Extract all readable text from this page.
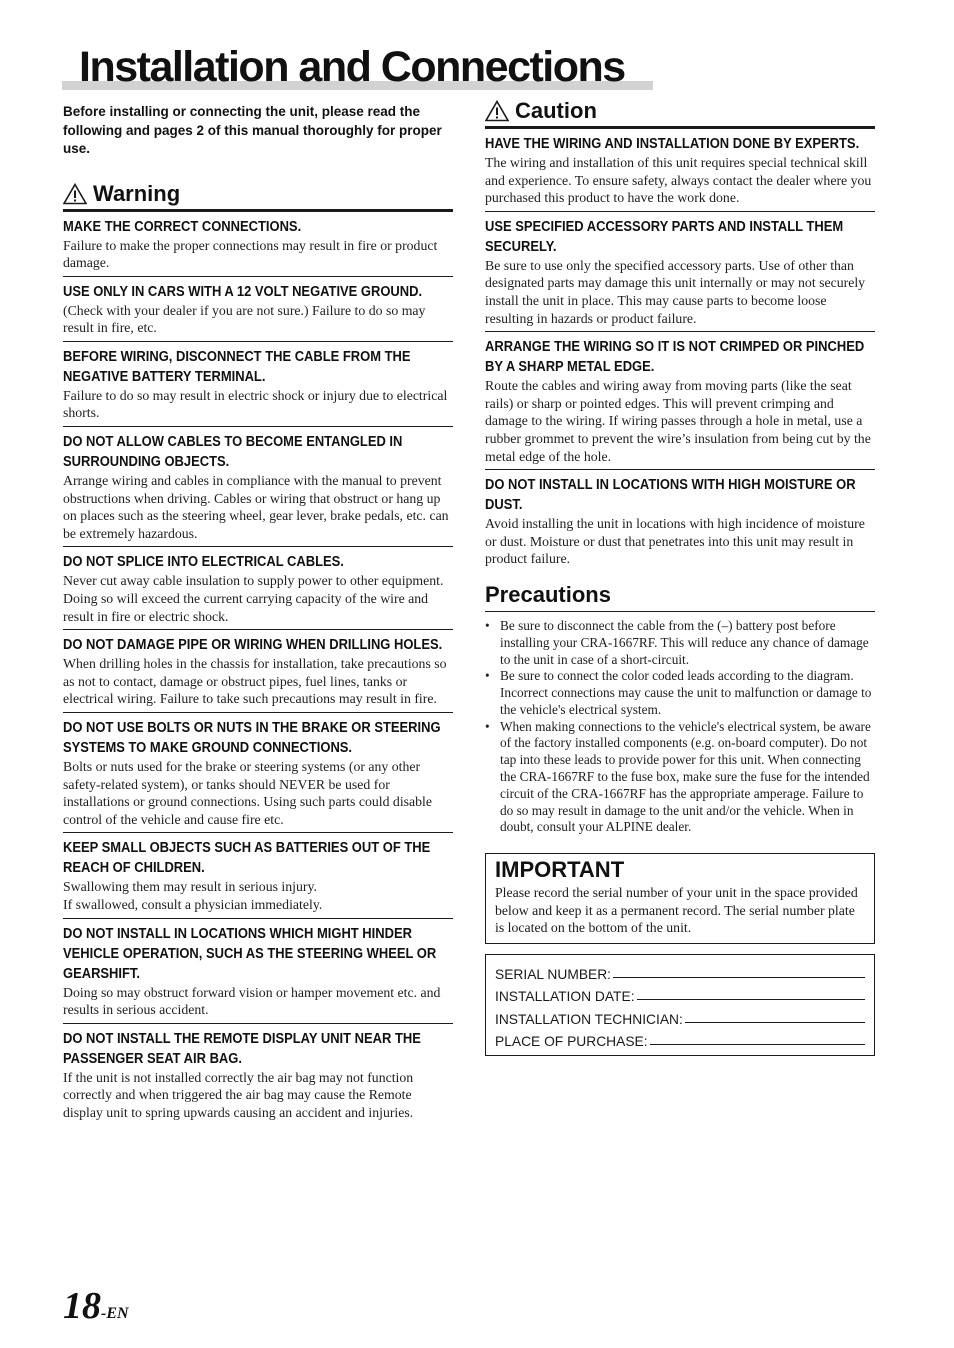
Installation and Connections

Before installing or connecting the unit, please read the following and pages 2 of this manual thoroughly for proper use.

Warning
MAKE THE CORRECT CONNECTIONS.

Failure to make the proper connections may result in fire or product damage.

USE ONLY IN CARS WITH A 12 VOLT NEGATIVE GROUND.

(Check with your dealer if you are not sure.) Failure to do so may result in fire, etc.

BEFORE WIRING, DISCONNECT THE CABLE FROM THE NEGATIVE BATTERY TERMINAL.

Failure to do so may result in electric shock or injury due to electrical shorts.

DO NOT ALLOW CABLES TO BECOME ENTANGLED IN SURROUNDING OBJECTS.

Arrange wiring and cables in compliance with the manual to prevent obstructions when driving. Cables or wiring that obstruct or hang up on places such as the steering wheel, gear lever, brake pedals, etc. can be extremely hazardous.

DO NOT SPLICE INTO ELECTRICAL CABLES.

Never cut away cable insulation to supply power to other equipment. Doing so will exceed the current carrying capacity of the wire and result in fire or electric shock.

DO NOT DAMAGE PIPE OR WIRING WHEN DRILLING HOLES.

When drilling holes in the chassis for installation, take precautions so as not to contact, damage or obstruct pipes, fuel lines, tanks or electrical wiring. Failure to take such precautions may result in fire.

DO NOT USE BOLTS OR NUTS IN THE BRAKE OR STEERING SYSTEMS TO MAKE GROUND CONNECTIONS.

Bolts or nuts used for the brake or steering systems (or any other safety-related system), or tanks should NEVER be used for installations or ground connections. Using such parts could disable control of the vehicle and cause fire etc.

KEEP SMALL OBJECTS SUCH AS BATTERIES OUT OF THE REACH OF CHILDREN.

Swallowing them may result in serious injury.
If swallowed, consult a physician immediately.

DO NOT INSTALL IN LOCATIONS WHICH MIGHT HINDER VEHICLE OPERATION, SUCH AS THE STEERING WHEEL OR GEARSHIFT.

Doing so may obstruct forward vision or hamper movement etc. and results in serious accident.

DO NOT INSTALL THE REMOTE DISPLAY UNIT NEAR THE PASSENGER SEAT AIR BAG.

If the unit is not installed correctly the air bag may not function correctly and when triggered the air bag may cause the Remote display unit to spring upwards causing an accident and injuries.

Caution
HAVE THE WIRING AND INSTALLATION DONE BY EXPERTS.

The wiring and installation of this unit requires special technical skill and experience. To ensure safety, always contact the dealer where you purchased this product to have the work done.

USE SPECIFIED ACCESSORY PARTS AND INSTALL THEM SECURELY.

Be sure to use only the specified accessory parts. Use of other than designated parts may damage this unit internally or may not securely install the unit in place. This may cause parts to become loose resulting in hazards or product failure.

ARRANGE THE WIRING SO IT IS NOT CRIMPED OR PINCHED BY A SHARP METAL EDGE.

Route the cables and wiring away from moving parts (like the seat rails) or sharp or pointed edges. This will prevent crimping and damage to the wiring. If wiring passes through a hole in metal, use a rubber grommet to prevent the wire’s insulation from being cut by the metal edge of the hole.

DO NOT INSTALL IN LOCATIONS WITH HIGH MOISTURE OR DUST.

Avoid installing the unit in locations with high incidence of moisture or dust. Moisture or dust that penetrates into this unit may result in product failure.

Precautions
• Be sure to disconnect the cable from the (–) battery post before installing your CRA-1667RF. This will reduce any chance of damage to the unit in case of a short-circuit.
• Be sure to connect the color coded leads according to the diagram. Incorrect connections may cause the unit to malfunction or damage to the vehicle's electrical system.
• When making connections to the vehicle's electrical system, be aware of the factory installed components (e.g. on-board computer). Do not tap into these leads to provide power for this unit. When connecting the CRA-1667RF to the fuse box, make sure the fuse for the intended circuit of the CRA-1667RF has the appropriate amperage. Failure to do so may result in damage to the unit and/or the vehicle. When in doubt, consult your ALPINE dealer.
IMPORTANT

Please record the serial number of your unit in the space provided below and keep it as a permanent record. The serial number plate is located on the bottom of the unit.

SERIAL NUMBER:
INSTALLATION DATE:
INSTALLATION TECHNICIAN:
PLACE OF PURCHASE:
18-EN
